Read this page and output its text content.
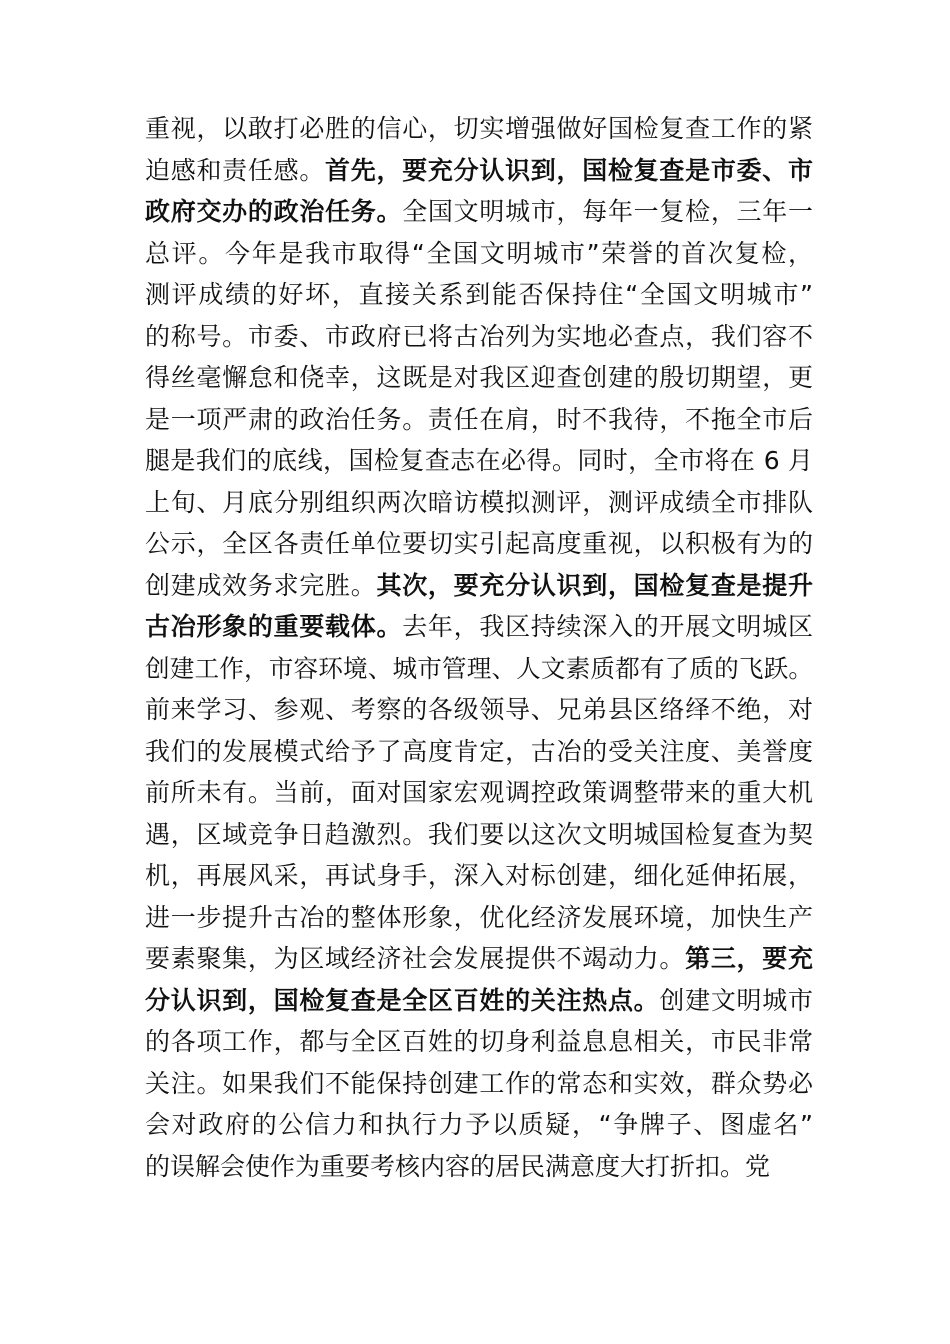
重视，以敢打必胜的信心，切实增强做好国检复查工作的紧
迫感和责任感。首先，要充分认识到，国检复查是市委、市
政府交办的政治任务。全国文明城市，每年一复检，三年一
总评。今年是我市取得“全国文明城市”荣誉的首次复检，
测评成绩的好坏，直接关系到能否保持住“全国文明城市”
的称号。市委、市政府已将古冶列为实地必查点，我们容不
得丝毫懈怠和侥幸，这既是对我区迎查创建的殷切期望，更
是一项严肃的政治任务。责任在肩，时不我待，不拖全市后
腿是我们的底线，国检复查志在必得。同时，全市将在 6 月
上旬、月底分别组织两次暗访模拟测评，测评成绩全市排队
公示，全区各责任单位要切实引起高度重视，以积极有为的
创建成效务求完胜。其次，要充分认识到，国检复查是提升
古冶形象的重要载体。去年，我区持续深入的开展文明城区
创建工作，市容环境、城市管理、人文素质都有了质的飞跃。
前来学习、参观、考察的各级领导、兄弟县区络绎不绝，对
我们的发展模式给予了高度肯定，古冶的受关注度、美誉度
前所未有。当前，面对国家宏观调控政策调整带来的重大机
遇，区域竞争日趋激烈。我们要以这次文明城国检复查为契
机，再展风采，再试身手，深入对标创建，细化延伸拓展，
进一步提升古冶的整体形象，优化经济发展环境，加快生产
要素聚集，为区域经济社会发展提供不竭动力。第三，要充
分认识到，国检复查是全区百姓的关注热点。创建文明城市
的各项工作，都与全区百姓的切身利益息息相关，市民非常
关注。如果我们不能保持创建工作的常态和实效，群众势必
会对政府的公信力和执行力予以质疑，“争牌子、图虚名”
的误解会使作为重要考核内容的居民满意度大打折扣。党
